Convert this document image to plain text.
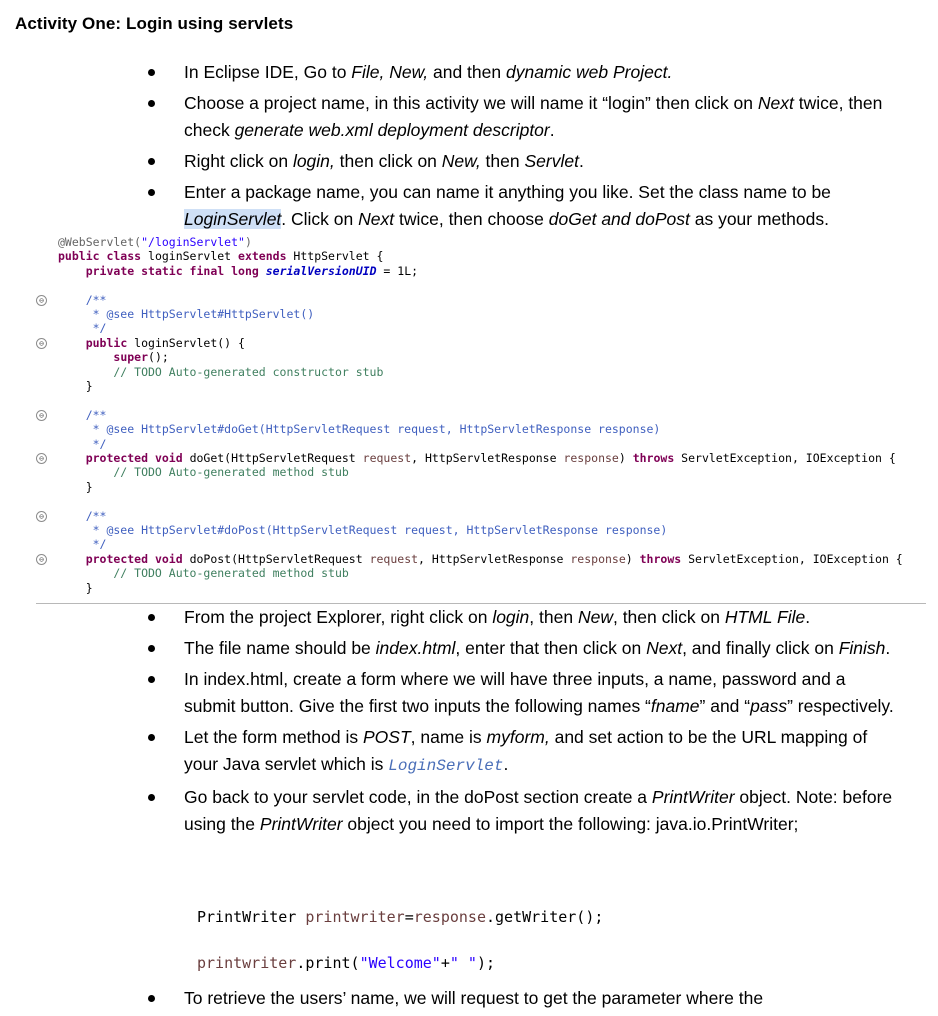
Activity One: Login using servlets
In Eclipse IDE, Go to File, New, and then dynamic web Project.
Choose a project name, in this activity we will name it “login” then click on Next twice, then check generate web.xml deployment descriptor.
Right click on login, then click on New, then Servlet.
Enter a package name, you can name it anything you like. Set the class name to be LoginServlet. Click on Next twice, then choose doGet and doPost as your methods.
@WebServlet("/loginServlet")
public class loginServlet extends HttpServlet {
private static final long serialVersionUID = 1L;
⊖ /**
* @see HttpServlet#HttpServlet()
*/
⊖	public loginServlet() {
super();
// TODO Auto-generated constructor stub
}
⊖ /**
* @see HttpServlet#doGet(HttpServletRequest request, HttpServletResponse response)
*/
⊖	protected void doGet(HttpServletRequest request, HttpServletResponse response) throws ServletException, IOException {
// TODO Auto-generated method stub
}
⊖ /**
* @see HttpServlet#doPost(HttpServletRequest request, HttpServletResponse response)
*/
⊖	protected void doPost(HttpServletRequest request, HttpServletResponse response) throws ServletException, IOException {
// TODO Auto-generated method stub
}
From the project Explorer, right click on login, then New, then click on HTML File.
The file name should be index.html, enter that then click on Next, and finally click on Finish.
In index.html, create a form where we will have three inputs, a name, password and a submit button. Give the first two inputs the following names “fname” and “pass” respectively.
Let the form method is POST, name is myform, and set action to be the URL mapping of your Java servlet which is LoginServlet.
Go back to your servlet code, in the doPost section create a PrintWriter object. Note: before using the PrintWriter object you need to import the following: java.io.PrintWriter;
PrintWriter printwriter=response.getWriter();
printwriter.print("Welcome"+" ");
To retrieve the users’ name, we will request to get the parameter where the
